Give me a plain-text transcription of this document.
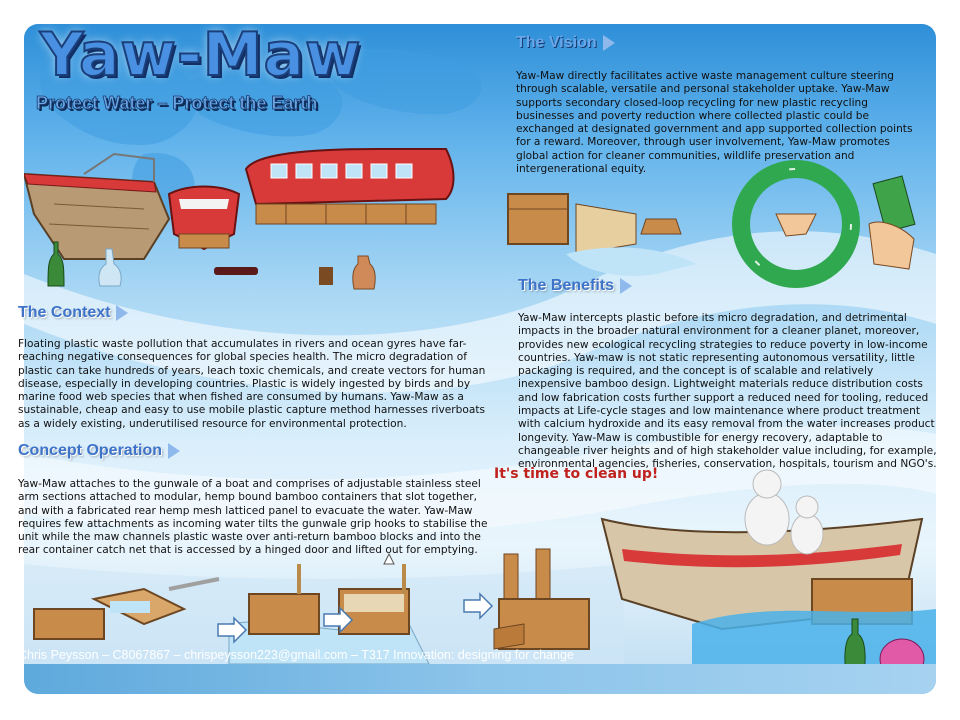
Yaw-Maw
Protect Water – Protect the Earth
The Vision
Yaw-Maw directly facilitates active waste management culture steering through scalable, versatile and personal stakeholder uptake. Yaw-Maw supports secondary closed-loop recycling for new plastic recycling businesses and poverty reduction where collected plastic could be exchanged at designated government and app supported collection points for a reward. Moreover, through user involvement, Yaw-Maw promotes global action for cleaner communities, wildlife preservation and intergenerational equity.
The Context
Floating plastic waste pollution that accumulates in rivers and ocean gyres have far-reaching negative consequences for global species health. The micro degradation of plastic can take hundreds of years, leach toxic chemicals, and create vectors for human disease, especially in developing countries. Plastic is widely ingested by birds and by marine food web species that when fished are consumed by humans. Yaw-Maw as a sustainable, cheap and easy to use mobile plastic capture method harnesses riverboats as a widely existing, underutilised resource for environmental protection.
The Benefits
Yaw-Maw intercepts plastic before its micro degradation, and detrimental impacts in the broader natural environment for a cleaner planet, moreover, provides new ecological recycling strategies to reduce poverty in low-income countries. Yaw-maw is not static representing autonomous versatility, little packaging is required, and the concept is of scalable and relatively inexpensive bamboo design. Lightweight materials reduce distribution costs and low fabrication costs further support a reduced need for tooling, reduced impacts at Life-cycle stages and low maintenance where product treatment with calcium hydroxide and its easy removal from the water increases product longevity. Yaw-Maw is combustible for energy recovery, adaptable to changeable river heights and of high stakeholder value including, for example, environmental agencies, fisheries, conservation, hospitals, tourism and NGO's.
Concept Operation
Yaw-Maw attaches to the gunwale of a boat and comprises of adjustable stainless steel arm sections attached to modular, hemp bound bamboo containers that slot together, and with a fabricated rear hemp mesh latticed panel to evacuate the water. Yaw-Maw requires few attachments as incoming water tilts the gunwale grip hooks to stabilise the unit while the maw channels plastic waste over anti-return bamboo blocks and into the rear container catch net that is accessed by a hinged door and lifted out for emptying.
It's time to clean up!
Chris Peysson – C8067867 – chrispeysson223@gmail.com – T317 Innovation: designing for change
